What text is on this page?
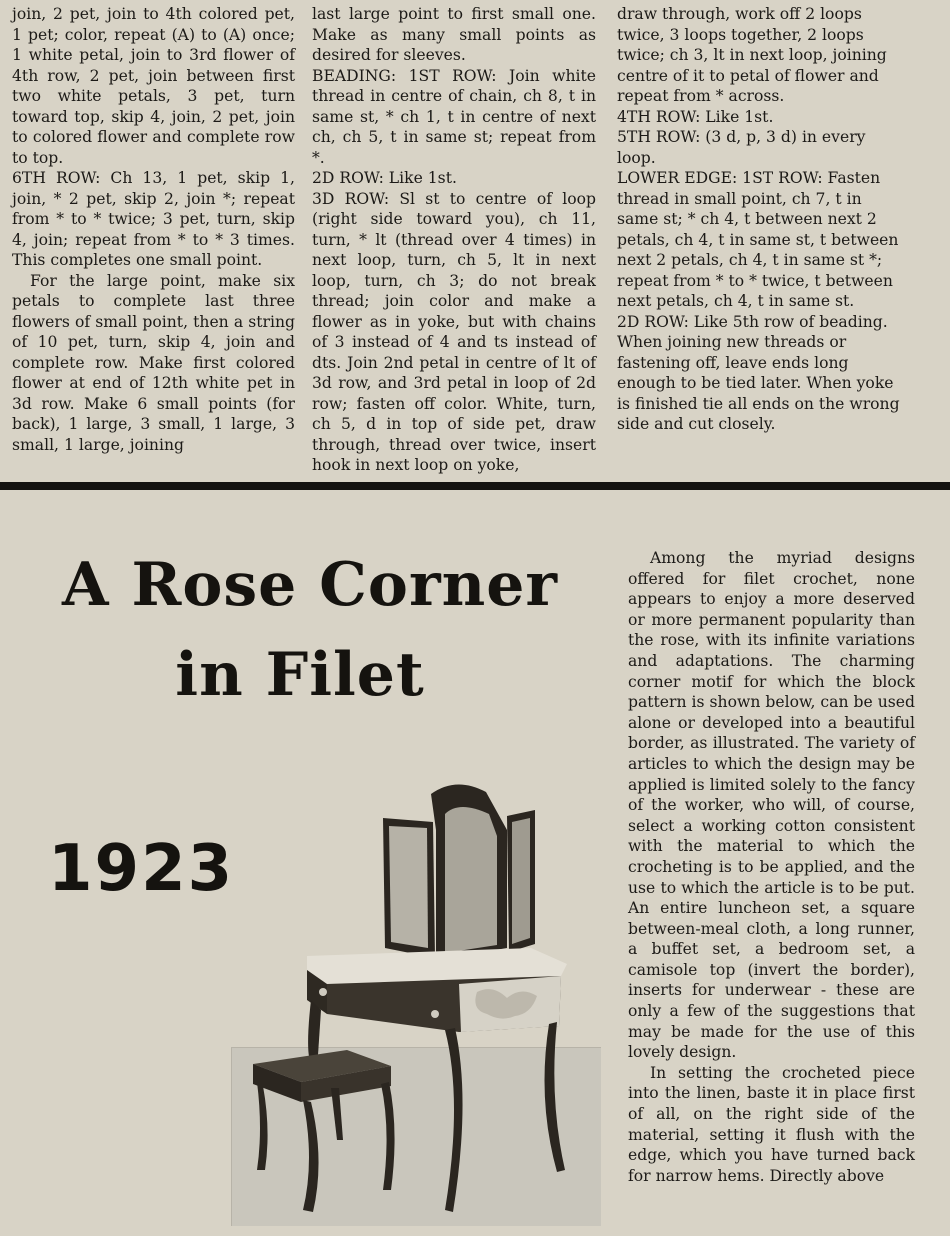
join, 2 pet, join to 4th colored pet, 1 pet; color, repeat (A) to (A) once; 1 white petal, join to 3rd flower of 4th row, 2 pet, join between first two white petals, 3 pet, turn toward top, skip 4, join, 2 pet, join to colored flower and complete row to top.

6TH ROW: Ch 13, 1 pet, skip 1, join, * 2 pet, skip 2, join *; repeat from * to * twice; 3 pet, turn, skip 4, join; repeat from * to * 3 times. This completes one small point.

For the large point, make six petals to complete last three flowers of small point, then a string of 10 pet, turn, skip 4, join and complete row. Make first colored flower at end of 12th white pet in 3d row. Make 6 small points (for back), 1 large, 3 small, 1 large, 3 small, 1 large, joining

last large point to first small one. Make as many small points as desired for sleeves.

BEADING: 1ST ROW: Join white thread in centre of chain, ch 8, t in same st, * ch 1, t in centre of next ch, ch 5, t in same st; repeat from *.

2D ROW: Like 1st.

3D ROW: Sl st to centre of loop (right side toward you), ch 11, turn, * lt (thread over 4 times) in next loop, turn, ch 5, lt in next loop, turn, ch 3; do not break thread; join color and make a flower as in yoke, but with chains of 3 instead of 4 and ts instead of dts. Join 2nd petal in centre of lt of 3d row, and 3rd petal in loop of 2d row; fasten off color. White, turn, ch 5, d in top of side pet, draw through, thread over twice, insert hook in next loop on yoke,

draw through, work off 2 loops twice, 3 loops together, 2 loops twice; ch 3, lt in next loop, joining centre of it to petal of flower and repeat from * across.

4TH ROW: Like 1st.

5TH ROW: (3 d, p, 3 d) in every loop.

LOWER EDGE: 1ST ROW: Fasten thread in small point, ch 7, t in same st; * ch 4, t between next 2 petals, ch 4, t in same st, t between next 2 petals, ch 4, t in same st *; repeat from * to * twice, t between next petals, ch 4, t in same st.

2D ROW: Like 5th row of beading. When joining new threads or fastening off, leave ends long enough to be tied later. When yoke is finished tie all ends on the wrong side and cut closely.

A Rose Corner
in Filet
1923

Among the myriad designs offered for filet crochet, none appears to enjoy a more deserved or more permanent popularity than the rose, with its infinite variations and adaptations. The charming corner motif for which the block pattern is shown below, can be used alone or developed into a beautiful border, as illustrated. The variety of articles to which the design may be applied is limited solely to the fancy of the worker, who will, of course, select a working cotton consistent with the material to which the crocheting is to be applied, and the use to which the article is to be put. An entire luncheon set, a square between-meal cloth, a long runner, a buffet set, a bedroom set, a camisole top (invert the border), inserts for underwear - these are only a few of the suggestions that may be made for the use of this lovely design.

In setting the crocheted piece into the linen, baste it in place first of all, on the right side of the material, setting it flush with the edge, which you have turned back for narrow hems. Directly above
